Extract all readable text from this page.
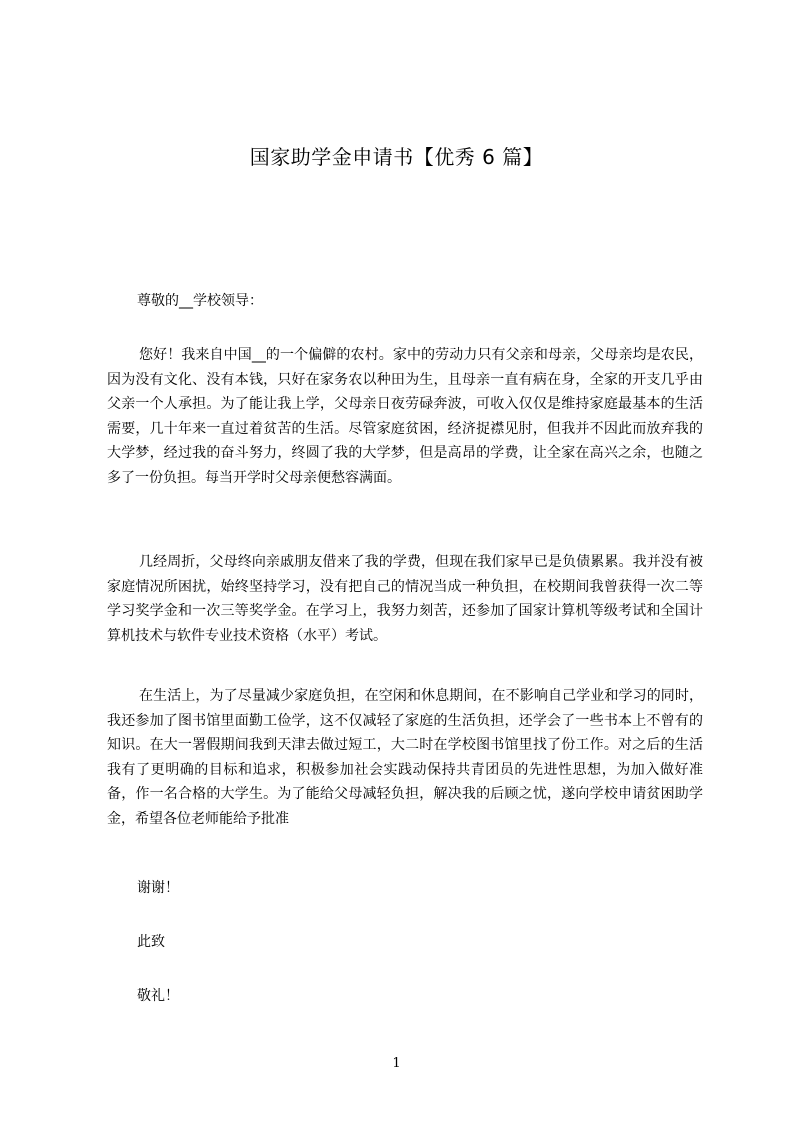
国家助学金申请书【优秀 6 篇】
尊敬的__学校领导：

您好！我来自中国__的一个偏僻的农村。家中的劳动力只有父亲和母亲，父母亲均是农民，因为没有文化、没有本钱，只好在家务农以种田为生，且母亲一直有病在身，全家的开支几乎由父亲一个人承担。为了能让我上学，父母亲日夜劳碌奔波，可收入仅仅是维持家庭最基本的生活需要，几十年来一直过着贫苦的生活。尽管家庭贫困，经济捉襟见肘，但我并不因此而放弃我的大学梦，经过我的奋斗努力，终圆了我的大学梦，但是高昂的学费，让全家在高兴之余，也随之多了一份负担。每当开学时父母亲便愁容满面。

几经周折，父母终向亲戚朋友借来了我的学费，但现在我们家早已是负债累累。我并没有被家庭情况所困扰，始终坚持学习，没有把自己的情况当成一种负担，在校期间我曾获得一次二等学习奖学金和一次三等奖学金。在学习上，我努力刻苦，还参加了国家计算机等级考试和全国计算机技术与软件专业技术资格（水平）考试。

在生活上，为了尽量减少家庭负担，在空闲和休息期间，在不影响自己学业和学习的同时，我还参加了图书馆里面勤工俭学，这不仅减轻了家庭的生活负担，还学会了一些书本上不曾有的知识。在大一署假期间我到天津去做过短工，大二时在学校图书馆里找了份工作。对之后的生活我有了更明确的目标和追求，积极参加社会实践动保持共青团员的先进性思想，为加入做好准备，作一名合格的大学生。为了能给父母减轻负担，解决我的后顾之忧，遂向学校申请贫困助学金，希望各位老师能给予批准

谢谢！
此致
敬礼！
1
